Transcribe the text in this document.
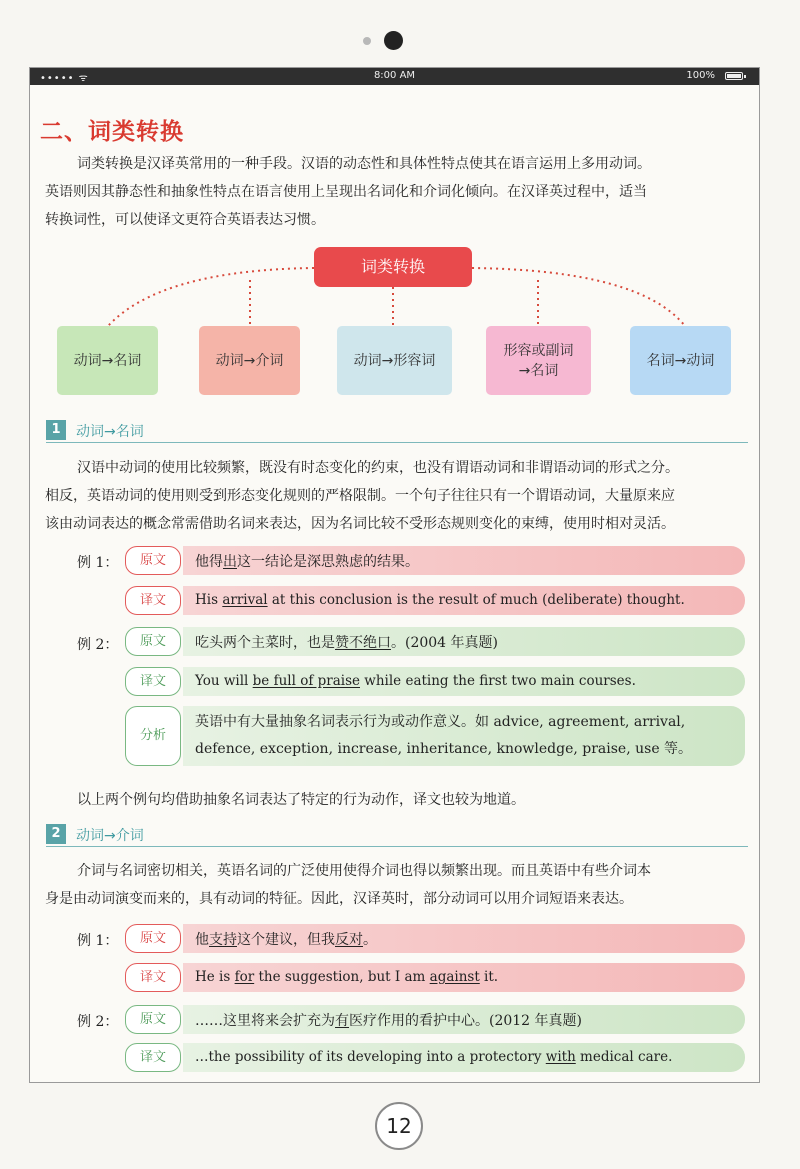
••••• ᯤ	8:00 AM	100%
二、词类转换
词类转换是汉译英常用的一种手段。汉语的动态性和具体性特点使其在语言运用上多用动词。
英语则因其静态性和抽象性特点在语言使用上呈现出名词化和介词化倾向。在汉译英过程中，适当
转换词性，可以使译文更符合英语表达习惯。
词类转换
动词→名词	动词→介词	动词→形容词
形容或副词→名词
名词→动词
1	动词→名词
汉语中动词的使用比较频繁，既没有时态变化的约束，也没有谓语动词和非谓语动词的形式之分。
相反，英语动词的使用则受到形态变化规则的严格限制。一个句子往往只有一个谓语动词，大量原来应
该由动词表达的概念常需借助名词来表达，因为名词比较不受形态规则变化的束缚，使用时相对灵活。
例 1：	原文	他得出这一结论是深思熟虑的结果。
译文	His arrival at this conclusion is the result of much (deliberate) thought.
例 2：	原文	吃头两个主菜时，也是赞不绝口。(2004 年真题)
译文	You will be full of praise while eating the first two main courses.
分析
英语中有大量抽象名词表示行为或动作意义。如 advice, agreement, arrival,
defence, exception, increase, inheritance, knowledge, praise, use 等。
以上两个例句均借助抽象名词表达了特定的行为动作，译文也较为地道。
2	动词→介词
介词与名词密切相关，英语名词的广泛使用使得介词也得以频繁出现。而且英语中有些介词本
身是由动词演变而来的，具有动词的特征。因此，汉译英时，部分动词可以用介词短语来表达。
例 1：	原文	他支持这个建议，但我反对。
译文	He is for the suggestion, but I am against it.
例 2：	原文	……这里将来会扩充为有医疗作用的看护中心。(2012 年真题)
译文	…the possibility of its developing into a protectory with medical care.
12
